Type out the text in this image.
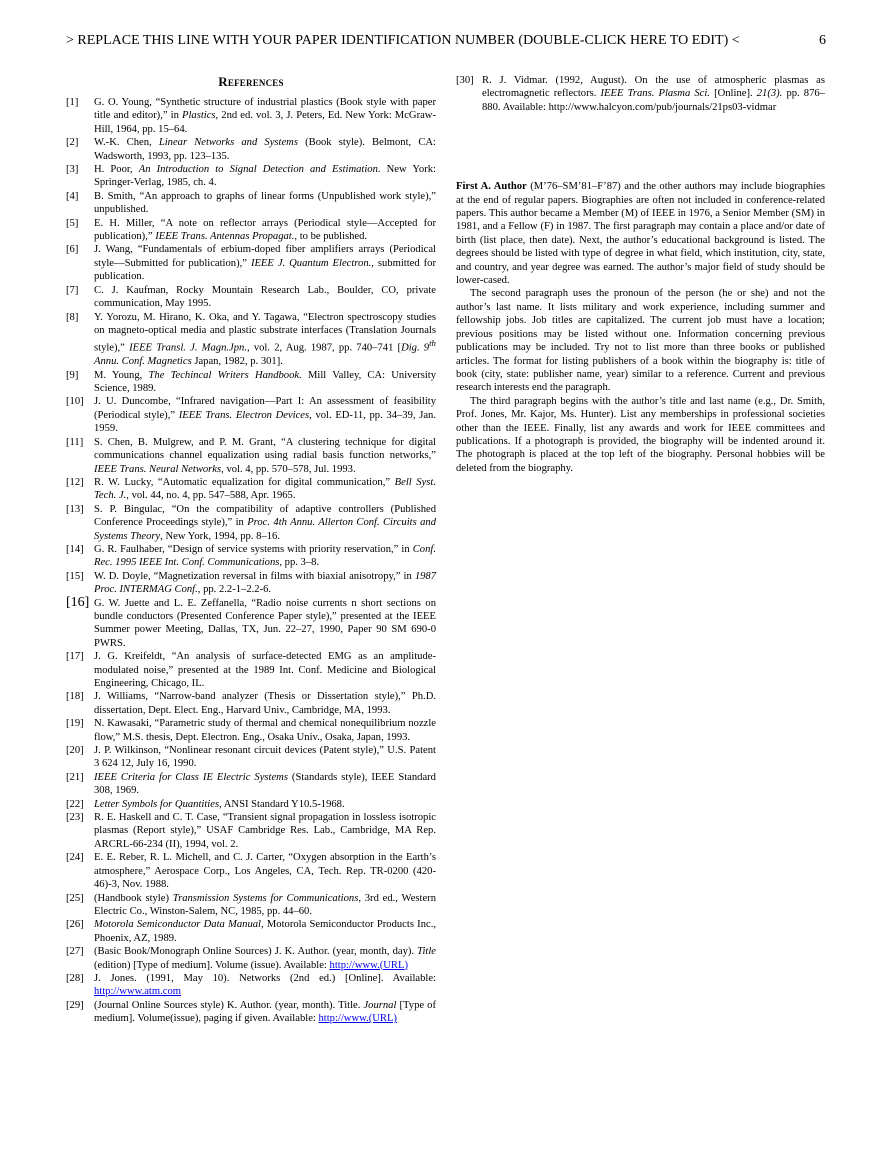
> REPLACE THIS LINE WITH YOUR PAPER IDENTIFICATION NUMBER (DOUBLE-CLICK HERE TO EDIT) <	6
References

[1] G. O. Young, “Synthetic structure of industrial plastics (Book style with paper title and editor),” in Plastics, 2nd ed. vol. 3, J. Peters, Ed. New York: McGraw-Hill, 1964, pp. 15–64.

[2] W.-K. Chen, Linear Networks and Systems (Book style). Belmont, CA: Wadsworth, 1993, pp. 123–135.

[3] H. Poor, An Introduction to Signal Detection and Estimation. New York: Springer-Verlag, 1985, ch. 4.

[4] B. Smith, “An approach to graphs of linear forms (Unpublished work style),” unpublished.

[5] E. H. Miller, “A note on reflector arrays (Periodical style—Accepted for publication),” IEEE Trans. Antennas Propagat., to be published.

[6] J. Wang, “Fundamentals of erbium-doped fiber amplifiers arrays (Periodical style—Submitted for publication),” IEEE J. Quantum Electron., submitted for publication.

[7] C. J. Kaufman, Rocky Mountain Research Lab., Boulder, CO, private communication, May 1995.

[8] Y. Yorozu, M. Hirano, K. Oka, and Y. Tagawa, “Electron spectroscopy studies on magneto-optical media and plastic substrate interfaces (Translation Journals style),” IEEE Transl. J. Magn.Jpn., vol. 2, Aug. 1987, pp. 740–741 [Dig. 9th Annu. Conf. Magnetics Japan, 1982, p. 301].

[9] M. Young, The Techincal Writers Handbook. Mill Valley, CA: University Science, 1989.

[10] J. U. Duncombe, “Infrared navigation—Part I: An assessment of feasibility (Periodical style),” IEEE Trans. Electron Devices, vol. ED-11, pp. 34–39, Jan. 1959.

[11] S. Chen, B. Mulgrew, and P. M. Grant, “A clustering technique for digital communications channel equalization using radial basis function networks,” IEEE Trans. Neural Networks, vol. 4, pp. 570–578, Jul. 1993.

[12] R. W. Lucky, “Automatic equalization for digital communication,” Bell Syst. Tech. J., vol. 44, no. 4, pp. 547–588, Apr. 1965.

[13] S. P. Bingulac, “On the compatibility of adaptive controllers (Published Conference Proceedings style),” in Proc. 4th Annu. Allerton Conf. Circuits and Systems Theory, New York, 1994, pp. 8–16.

[14] G. R. Faulhaber, “Design of service systems with priority reservation,” in Conf. Rec. 1995 IEEE Int. Conf. Communications, pp. 3–8.

[15] W. D. Doyle, “Magnetization reversal in films with biaxial anisotropy,” in 1987 Proc. INTERMAG Conf., pp. 2.2-1–2.2-6.

[16] G. W. Juette and L. E. Zeffanella, “Radio noise currents n short sections on bundle conductors (Presented Conference Paper style),” presented at the IEEE Summer power Meeting, Dallas, TX, Jun. 22–27, 1990, Paper 90 SM 690-0 PWRS.

[17] J. G. Kreifeldt, “An analysis of surface-detected EMG as an amplitude-modulated noise,” presented at the 1989 Int. Conf. Medicine and Biological Engineering, Chicago, IL.

[18] J. Williams, “Narrow-band analyzer (Thesis or Dissertation style),” Ph.D. dissertation, Dept. Elect. Eng., Harvard Univ., Cambridge, MA, 1993.

[19] N. Kawasaki, “Parametric study of thermal and chemical nonequilibrium nozzle flow,” M.S. thesis, Dept. Electron. Eng., Osaka Univ., Osaka, Japan, 1993.

[20] J. P. Wilkinson, “Nonlinear resonant circuit devices (Patent style),” U.S. Patent 3 624 12, July 16, 1990.

[21] IEEE Criteria for Class IE Electric Systems (Standards style), IEEE Standard 308, 1969.

[22] Letter Symbols for Quantities, ANSI Standard Y10.5-1968.

[23] R. E. Haskell and C. T. Case, “Transient signal propagation in lossless isotropic plasmas (Report style),” USAF Cambridge Res. Lab., Cambridge, MA Rep. ARCRL-66-234 (II), 1994, vol. 2.

[24] E. E. Reber, R. L. Michell, and C. J. Carter, “Oxygen absorption in the Earth’s atmosphere,” Aerospace Corp., Los Angeles, CA, Tech. Rep. TR-0200 (420-46)-3, Nov. 1988.

[25] (Handbook style) Transmission Systems for Communications, 3rd ed., Western Electric Co., Winston-Salem, NC, 1985, pp. 44–60.

[26] Motorola Semiconductor Data Manual, Motorola Semiconductor Products Inc., Phoenix, AZ, 1989.

[27] (Basic Book/Monograph Online Sources) J. K. Author. (year, month, day). Title (edition) [Type of medium]. Volume (issue). Available: http://www.(URL)

[28] J. Jones. (1991, May 10). Networks (2nd ed.) [Online]. Available: http://www.atm.com

[29] (Journal Online Sources style) K. Author. (year, month). Title. Journal [Type of medium]. Volume(issue), paging if given. Available: http://www.(URL)

[30] R. J. Vidmar. (1992, August). On the use of atmospheric plasmas as electromagnetic reflectors. IEEE Trans. Plasma Sci. [Online]. 21(3). pp. 876–880. Available: http://www.halcyon.com/pub/journals/21ps03-vidmar

First A. Author (M’76–SM’81–F’87) and the other authors may include biographies at the end of regular papers. Biographies are often not included in conference-related papers. This author became a Member (M) of IEEE in 1976, a Senior Member (SM) in 1981, and a Fellow (F) in 1987. The first paragraph may contain a place and/or date of birth (list place, then date). Next, the author’s educational background is listed. The degrees should be listed with type of degree in what field, which institution, city, state, and country, and year degree was earned. The author’s major field of study should be lower-cased.

The second paragraph uses the pronoun of the person (he or she) and not the author’s last name. It lists military and work experience, including summer and fellowship jobs. Job titles are capitalized. The current job must have a location; previous positions may be listed without one. Information concerning previous publications may be included. Try not to list more than three books or published articles. The format for listing publishers of a book within the biography is: title of book (city, state: publisher name, year) similar to a reference. Current and previous research interests end the paragraph.

The third paragraph begins with the author’s title and last name (e.g., Dr. Smith, Prof. Jones, Mr. Kajor, Ms. Hunter). List any memberships in professional societies other than the IEEE. Finally, list any awards and work for IEEE committees and publications. If a photograph is provided, the biography will be indented around it. The photograph is placed at the top left of the biography. Personal hobbies will be deleted from the biography.
